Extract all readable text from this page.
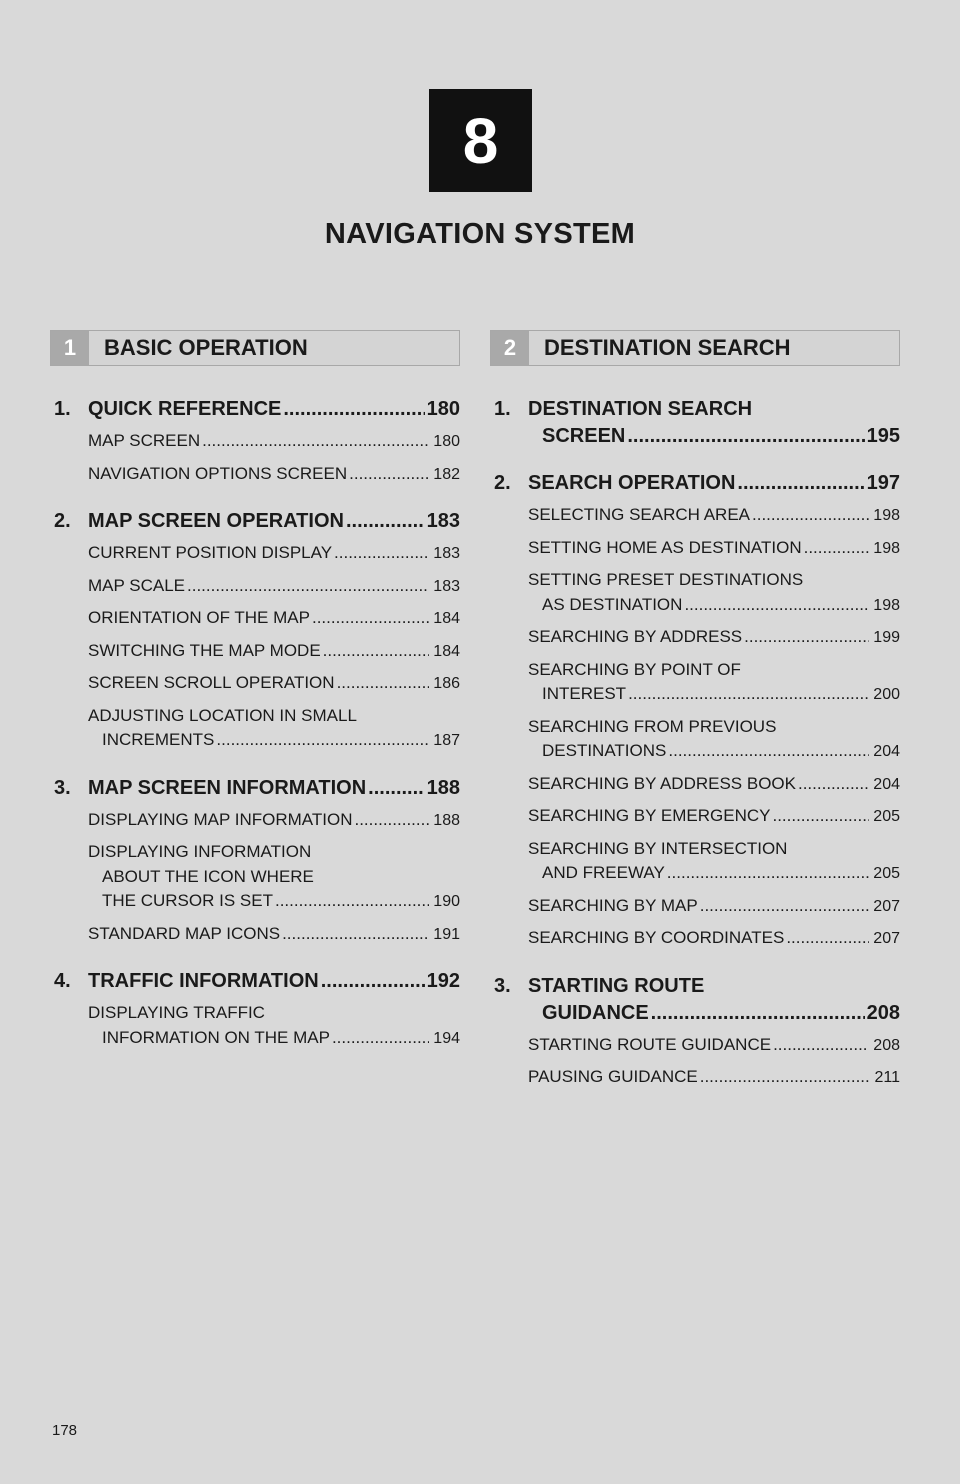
8
NAVIGATION SYSTEM
1	BASIC OPERATION
1. QUICK REFERENCE .....	180
MAP SCREEN .....	180
NAVIGATION OPTIONS SCREEN .....	182
2. MAP SCREEN OPERATION .....	183
CURRENT POSITION DISPLAY .....	183
MAP SCALE .....	183
ORIENTATION OF THE MAP .....	184
SWITCHING THE MAP MODE .....	184
SCREEN SCROLL OPERATION .....	186
ADJUSTING LOCATION IN SMALL
INCREMENTS .....	187
3. MAP SCREEN INFORMATION .....	188
DISPLAYING MAP INFORMATION .....	188
DISPLAYING INFORMATION
ABOUT THE ICON WHERE
THE CURSOR IS SET .....	190
STANDARD MAP ICONS .....	191
4. TRAFFIC INFORMATION .....	192
DISPLAYING TRAFFIC
INFORMATION ON THE MAP .....	194
2	DESTINATION SEARCH
1. DESTINATION SEARCH
SCREEN .....	195
2. SEARCH OPERATION .....	197
SELECTING SEARCH AREA .....	198
SETTING HOME AS DESTINATION .....	198
SETTING PRESET DESTINATIONS
AS DESTINATION .....	198
SEARCHING BY ADDRESS .....	199
SEARCHING BY POINT OF
INTEREST .....	200
SEARCHING FROM PREVIOUS
DESTINATIONS .....	204
SEARCHING BY ADDRESS BOOK .....	204
SEARCHING BY EMERGENCY .....	205
SEARCHING BY INTERSECTION
AND FREEWAY .....	205
SEARCHING BY MAP .....	207
SEARCHING BY COORDINATES .....	207
3. STARTING ROUTE
GUIDANCE .....	208
STARTING ROUTE GUIDANCE .....	208
PAUSING GUIDANCE .....	211
178
